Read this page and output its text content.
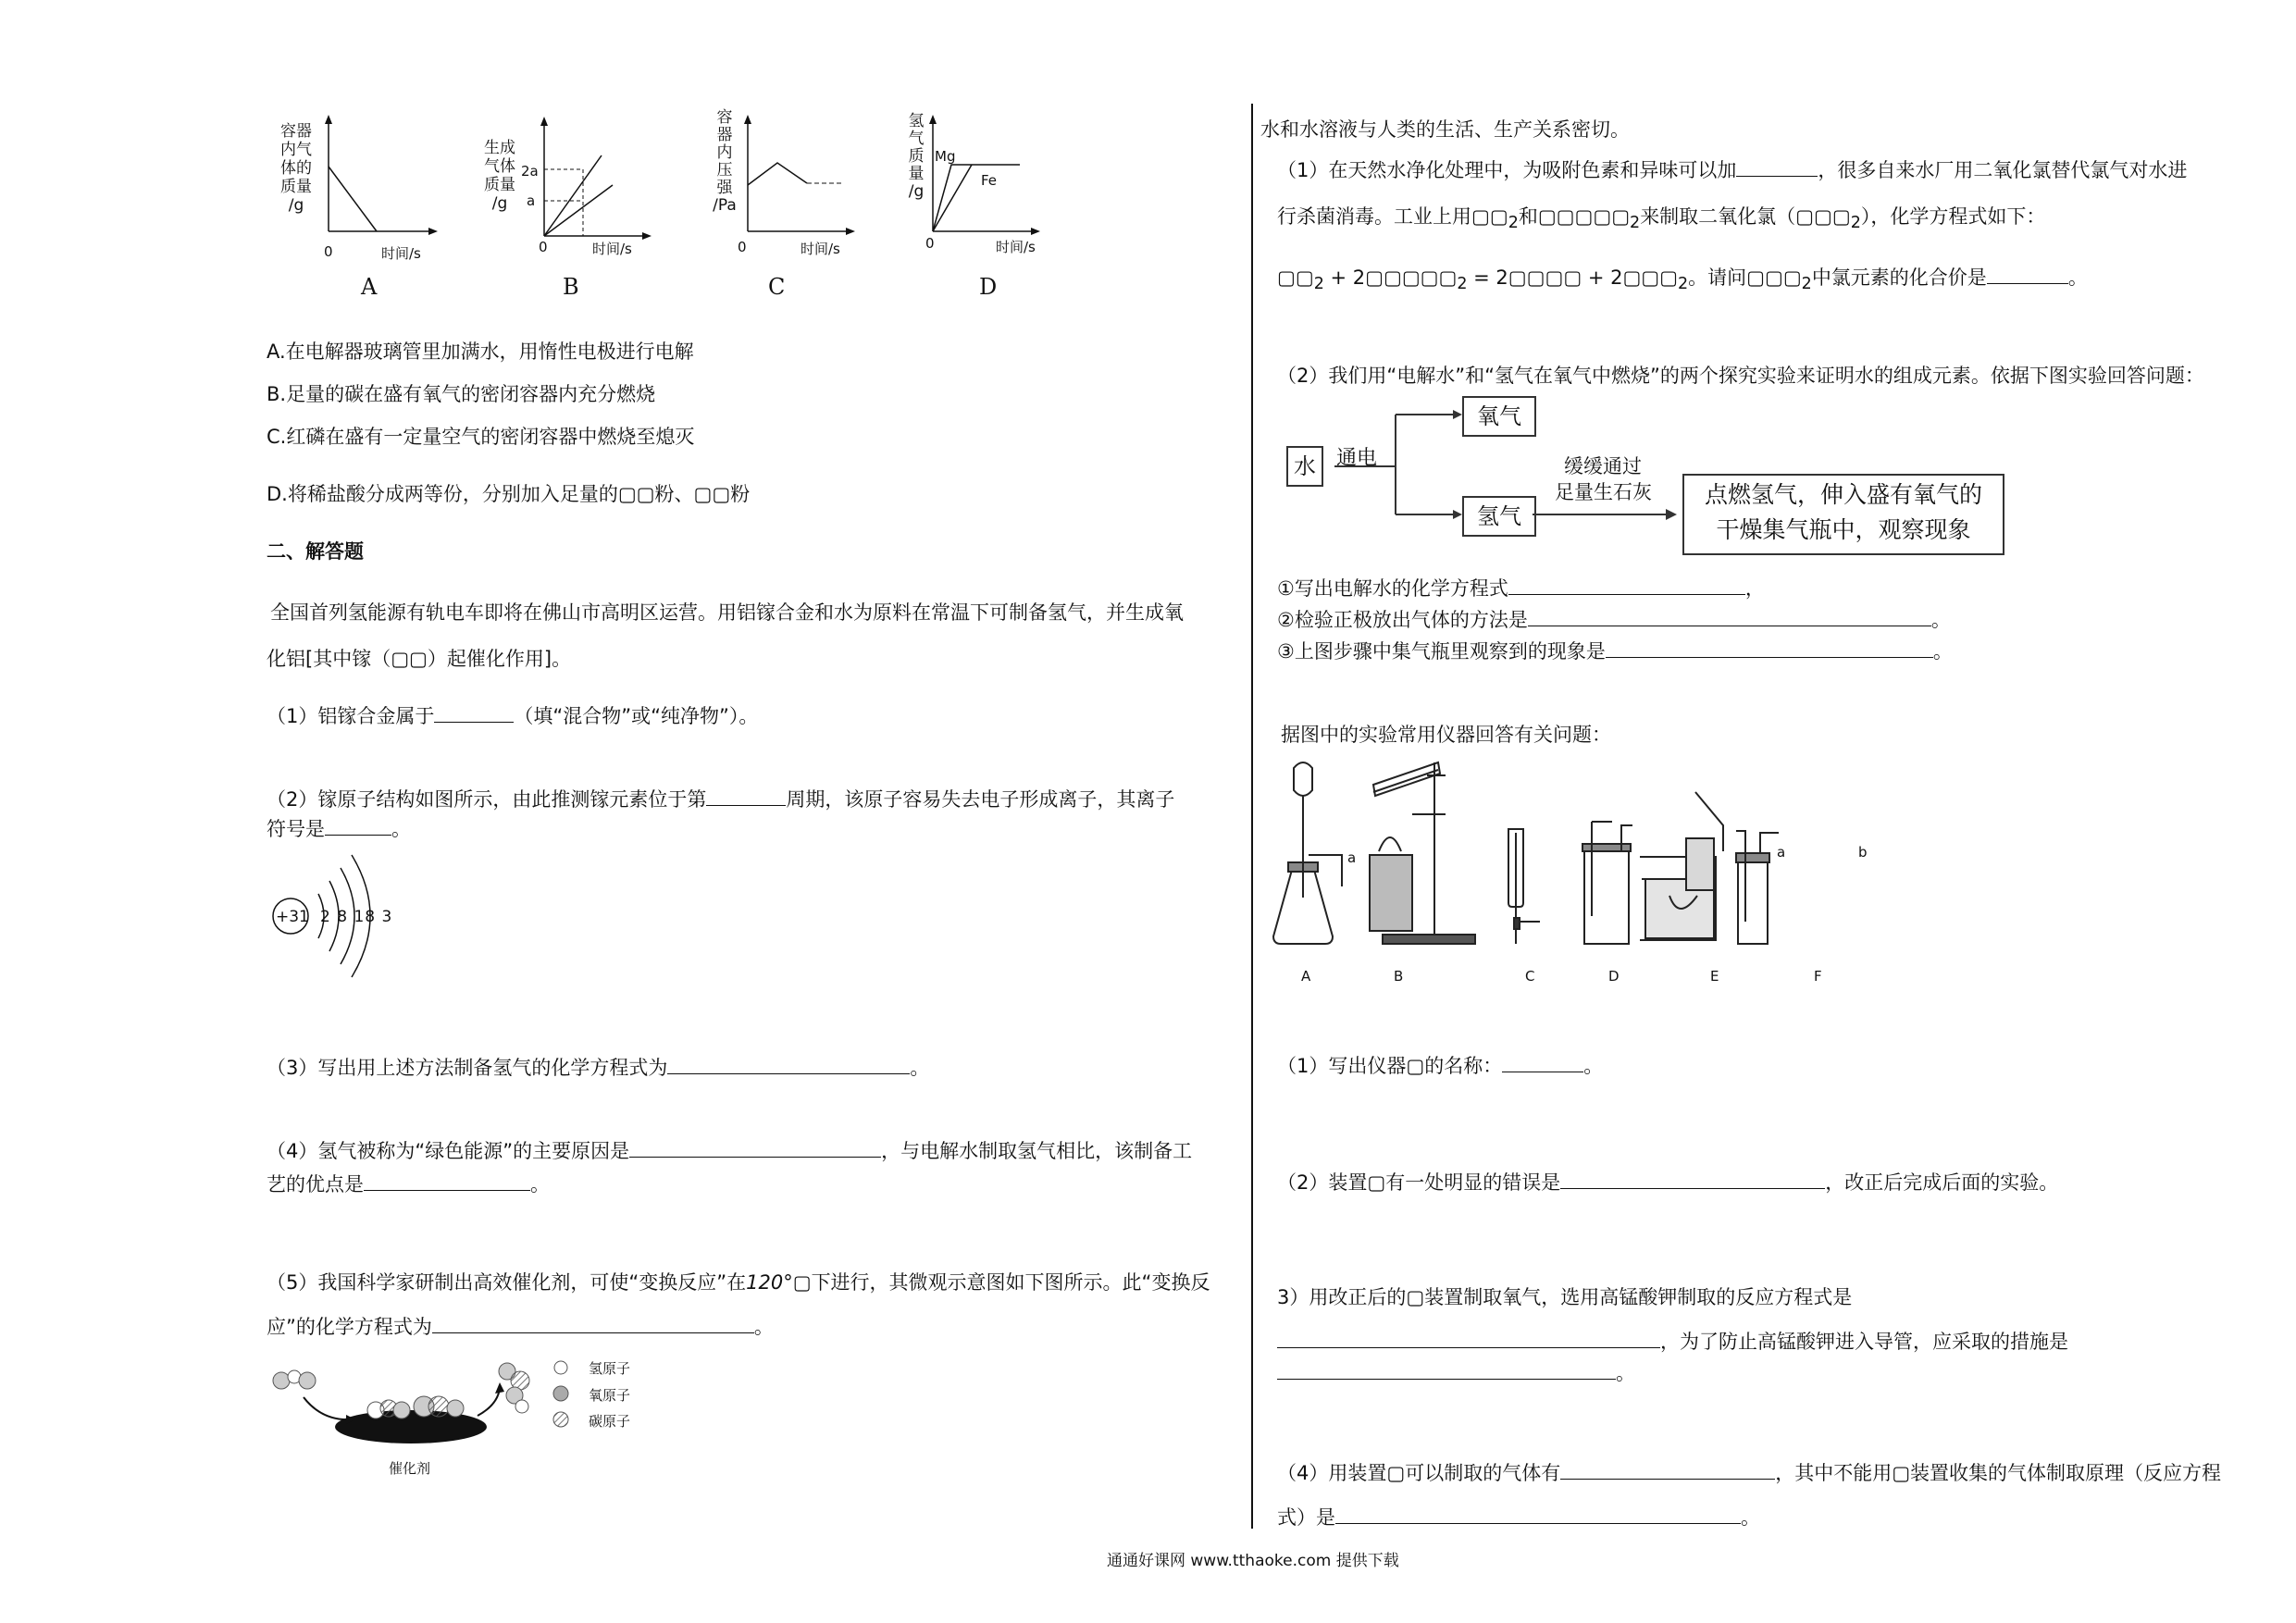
容器
内气
体的
质量
/g
0	时间/s
A
生成
气体
质量
/g
2a
a
0	时间/s
B
容
器
内
压
强
/Pa
0	时间/s
C
氢
气
质
量
/g
Mg
Fe
0	时间/s
D
A.在电解器玻璃管里加满水，用惰性电极进行电解
B.足量的碳在盛有氧气的密闭容器内充分燃烧
C.红磷在盛有一定量空气的密闭容器中燃烧至熄灭
D.将稀盐酸分成两等份，分别加入足量的▢▢粉、▢▢粉
二、解答题
全国首列氢能源有轨电车即将在佛山市高明区运营。用铝镓合金和水为原料在常温下可制备氢气，并生成氧
化铝[其中镓（▢▢）起催化作用]。
（1）铝镓合金属于	（填“混合物”或“纯净物”）。
（2）镓原子结构如图所示，由此推测镓元素位于第	周期，该原子容易失去电子形成离子，其离子
符号是	。
+31 2 8 18 3
（3）写出用上述方法制备氢气的化学方程式为	。
（4）氢气被称为“绿色能源”的主要原因是	，与电解水制取氢气相比，该制备工
艺的优点是	。
（5）我国科学家研制出高效催化剂，可使“变换反应”在120°▢下进行，其微观示意图如下图所示。此“变换反
应”的化学方程式为	。
氢原子
氧原子
碳原子
催化剂
水和水溶液与人类的生活、生产关系密切。
（1）在天然水净化处理中，为吸附色素和异味可以加	，很多自来水厂用二氧化氯替代氯气对水进
行杀菌消毒。工业上用$▢▢_2$和$▢▢▢▢▢_2$来制取二氧化氯$(▢▢▢_2)$，化学方程式如下：
$▢▢_2$ + $2▢▢▢▢▢_2$ = 2▢▢▢▢ + $2▢▢▢_2$。请问$▢▢▢_2$中氯元素的化合价是	。
（2）我们用“电解水”和“氢气在氧气中燃烧”的两个探究实验来证明水的组成元素。依据下图实验回答问题：
水	通电
氧气
氢气
缓缓通过
足量生石灰	点燃氢气，伸入盛有氧气的
干燥集气瓶中，观察现象
①写出电解水的化学方程式	，
②检验正极放出气体的方法是	。
③上图步骤中集气瓶里观察到的现象是	。
据图中的实验常用仪器回答有关问题：
a	a	b
A	B	C	D	E	F
（1）写出仪器▢的名称：	。
（2）装置▢有一处明显的错误是	，改正后完成后面的实验。
3）用改正后的▢装置制取氧气，选用高锰酸钾制取的反应方程式是
，为了防止高锰酸钾进入导管，应采取的措施是
。
（4）用装置▢可以制取的气体有	，其中不能用▢装置收集的气体制取原理（反应方程
式）是	。
通通好课网 www.tthaoke.com 提供下载
